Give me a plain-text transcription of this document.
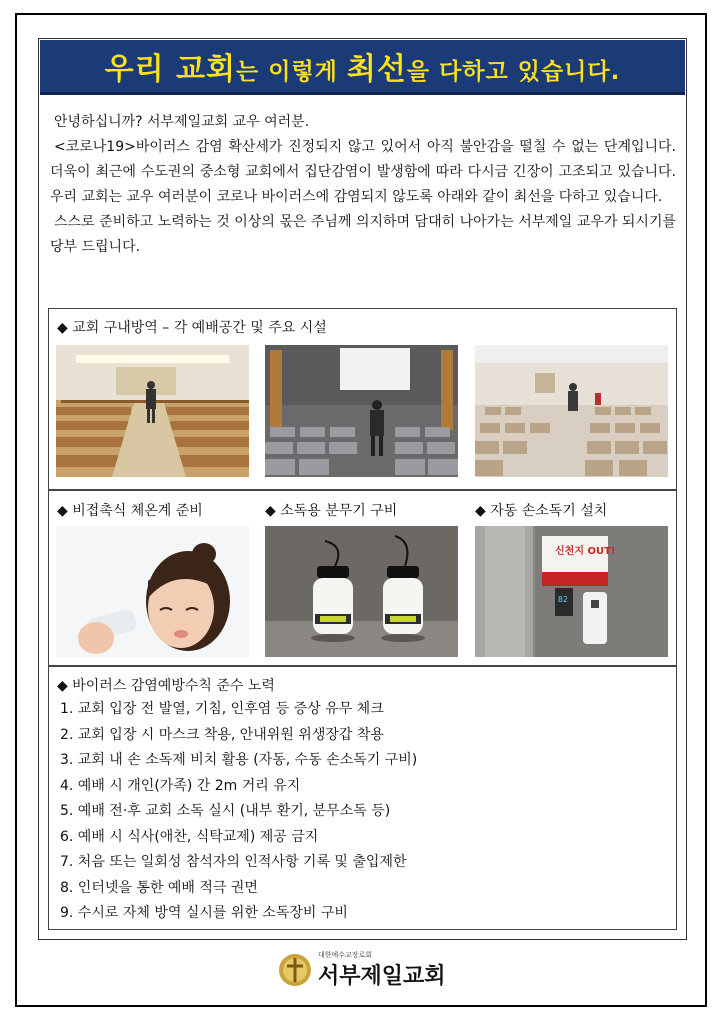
우리 교회는 이렇게 최선을 다하고 있습니다.

안녕하십니까? 서부제일교회 교우 여러분.

<코로나19>바이러스 감염 확산세가 진정되지 않고 있어서 아직 불안감을 떨칠 수 없는 단계입니다. 더욱이 최근에 수도권의 중소형 교회에서 집단감염이 발생함에 따라 다시금 긴장이 고조되고 있습니다. 우리 교회는 교우 여러분이 코로나 바이러스에 감염되지 않도록 아래와 같이 최선을 다하고 있습니다.

스스로 준비하고 노력하는 것 이상의 몫은 주님께 의지하며 담대히 나아가는 서부제일 교우가 되시기를 당부 드립니다.

◆ 교회 구내방역 – 각 예배공간 및 주요 시설
◆ 비접촉식 체온계 준비	◆ 소독용 분무기 구비	◆ 자동 손소독기 설치
신천지 OUT!
B2
◆ 바이러스 감염예방수칙 준수 노력
1. 교회 입장 전 발열, 기침, 인후염 등 증상 유무 체크
2. 교회 입장 시 마스크 착용, 안내위원 위생장갑 착용
3. 교회 내 손 소독제 비치 활용 (자동, 수동 손소독기 구비)
4. 예배 시 개인(가족) 간 2m 거리 유지
5. 예배 전·후 교회 소독 실시 (내부 환기, 분무소독 등)
6. 예배 시 식사(애찬, 식탁교제) 제공 금지
7. 처음 또는 일회성 참석자의 인적사항 기록 및 출입제한
8. 인터넷을 통한 예배 적극 권면
9. 수시로 자체 방역 실시를 위한 소독장비 구비
대한예수교장로회
서부제일교회
